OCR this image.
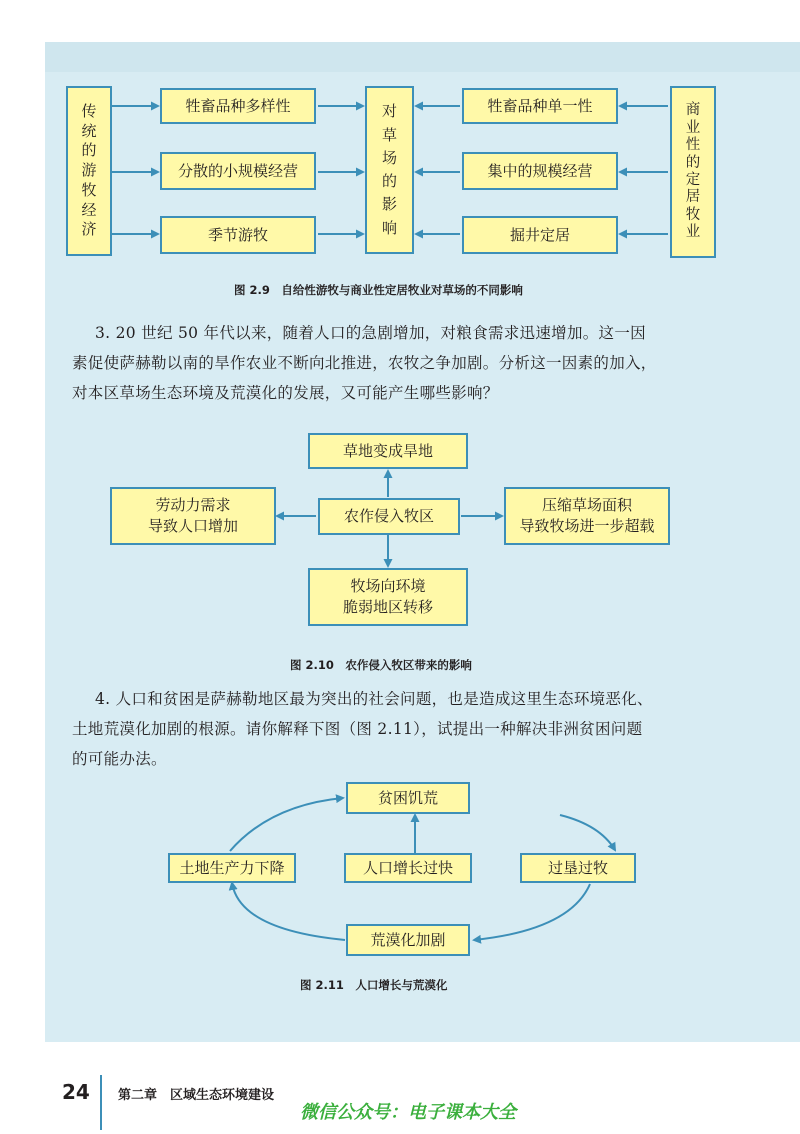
传
统
的
游
牧
经
济
牲畜品种多样性
分散的小规模经营
季节游牧
对
草
场
的
影
响
牲畜品种单一性
集中的规模经营
掘井定居
商
业
性
的
定
居
牧
业
图 2.9　自给性游牧与商业性定居牧业对草场的不同影响

3. 20 世纪 50 年代以来，随着人口的急剧增加，对粮食需求迅速增加。这一因

素促使萨赫勒以南的旱作农业不断向北推进，农牧之争加剧。分析这一因素的加入，

对本区草场生态环境及荒漠化的发展，又可能产生哪些影响？

草地变成旱地
农作侵入牧区
劳动力需求
导致人口增加
压缩草场面积
导致牧场进一步超载
牧场向环境
脆弱地区转移
图 2.10　农作侵入牧区带来的影响

4. 人口和贫困是萨赫勒地区最为突出的社会问题，也是造成这里生态环境恶化、

土地荒漠化加剧的根源。请你解释下图（图 2.11），试提出一种解决非洲贫困问题

的可能办法。

贫困饥荒
土地生产力下降	人口增长过快	过垦过牧
荒漠化加剧
图 2.11　人口增长与荒漠化
24 第二章　区域生态环境建设
微信公众号：电子课本大全
